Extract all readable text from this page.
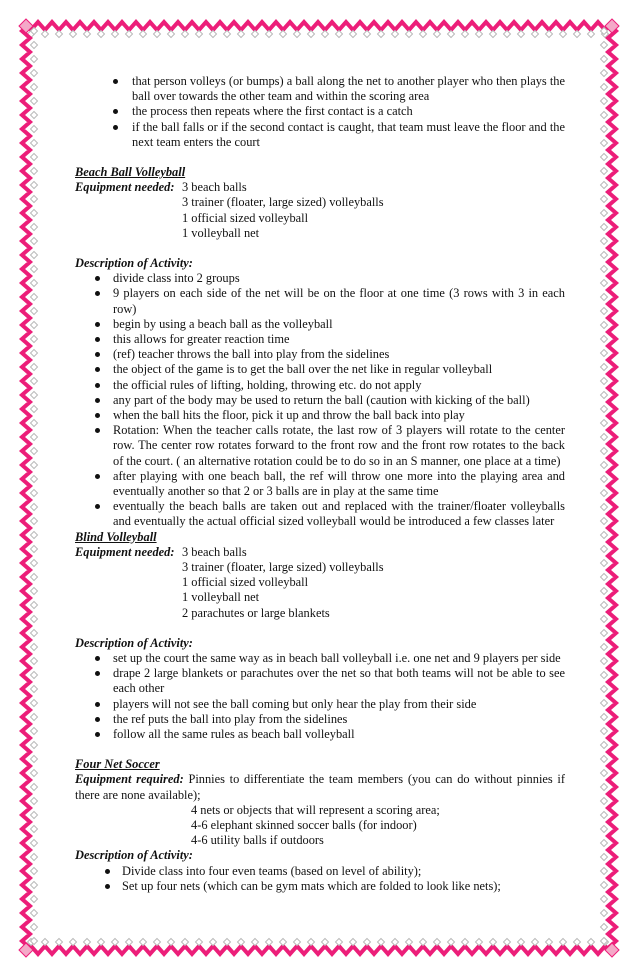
that person volleys (or bumps) a ball along the net to another player who then plays the ball over towards the other team and within the scoring area
the process then repeats where the first contact is a catch
if the ball falls or if the second contact is caught, that team must leave the floor and the next team enters the court
Beach Ball Volleyball
Equipment needed: 3 beach balls
3 trainer (floater, large sized) volleyballs
1 official sized volleyball
1 volleyball net
Description of Activity:
divide class into 2 groups
9 players on each side of the net will be on the floor at one time (3 rows with 3 in each row)
begin by using a beach ball as the volleyball
this allows for greater reaction time
(ref) teacher throws the ball into play from the sidelines
the object of the game is to get the ball over the net like in regular volleyball
the official rules of lifting, holding, throwing etc. do not apply
any part of the body may be used to return the ball (caution with kicking of the ball)
when the ball hits the floor, pick it up and throw the ball back into play
Rotation: When the teacher calls rotate, the last row of 3 players will rotate to the center row. The center row rotates forward to the front row and the front row rotates to the back of the court. ( an alternative rotation could be to do so in an S manner, one place at a time)
after playing with one beach ball, the ref will throw one more into the playing area and eventually another so that 2 or 3 balls are in play at the same time
eventually the beach balls are taken out and replaced with the trainer/floater volleyballs and eventually the actual official sized volleyball would be introduced a few classes later
Blind Volleyball
Equipment needed: 3 beach balls
3 trainer (floater, large sized) volleyballs
1 official sized volleyball
1 volleyball net
2 parachutes or large blankets
Description of Activity:
set up the court the same way as in beach ball volleyball i.e. one net and 9 players per side
drape 2 large blankets or parachutes over the net so that both teams will not be able to see each other
players will not see the ball coming but only hear the play from their side
the ref puts the ball into play from the sidelines
follow all the same rules as beach ball volleyball
Four Net Soccer
Equipment required: Pinnies to differentiate the team members (you can do without pinnies if there are none available);
4 nets or objects that will represent a scoring area;
4-6 elephant skinned soccer balls (for indoor)
4-6 utility balls if outdoors
Description of Activity:
Divide class into four even teams (based on level of ability);
Set up four nets (which can be gym mats which are folded to look like nets);
